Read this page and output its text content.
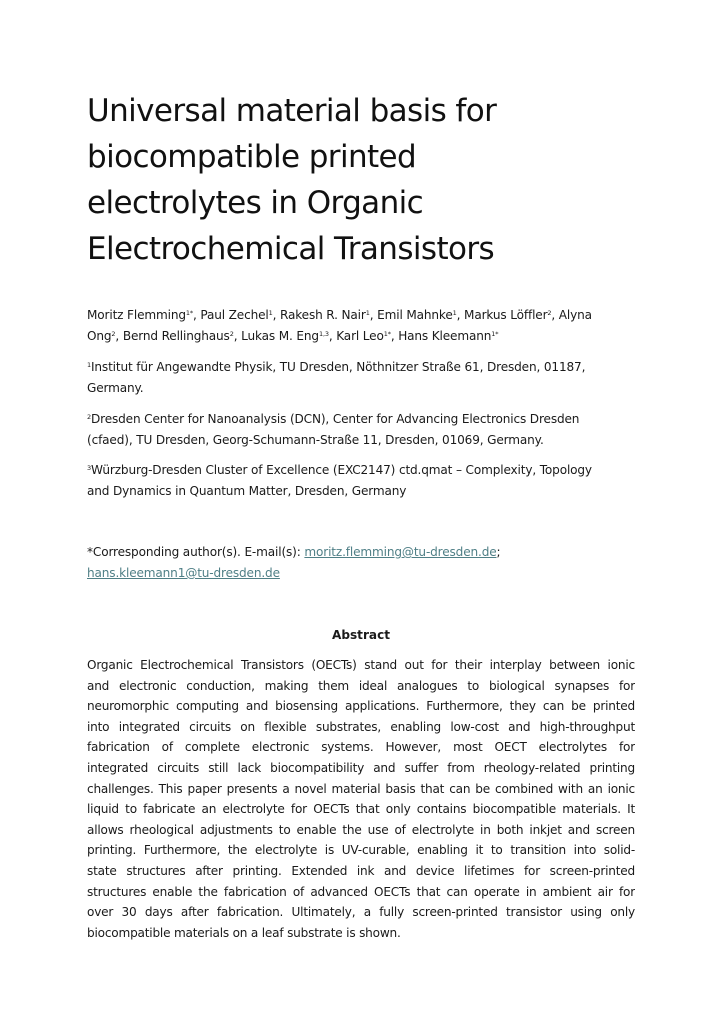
Universal material basis for
biocompatible printed
electrolytes in Organic
Electrochemical Transistors

Moritz Flemming$^{1*}$, Paul Zechel$^1$, Rakesh R. Nair$^1$, Emil Mahnke$^1$, Markus Löffler$^2$, Alyna
Ong$^2$, Bernd Rellinghaus$^2$, Lukas M. Eng$^{1,3}$, Karl Leo$^{1*}$, Hans Kleemann$^{1*}$

$^1$Institut für Angewandte Physik, TU Dresden, Nöthnitzer Straße 61, Dresden, 01187,
Germany.

$^2$Dresden Center for Nanoanalysis (DCN), Center for Advancing Electronics Dresden
(cfaed), TU Dresden, Georg-Schumann-Straße 11, Dresden, 01069, Germany.

$^3$Würzburg-Dresden Cluster of Excellence (EXC2147) ctd.qmat – Complexity, Topology
and Dynamics in Quantum Matter, Dresden, Germany

*Corresponding author(s). E-mail(s): moritz.flemming@tu-dresden.de;
hans.kleemann1@tu-dresden.de
Abstract
Organic Electrochemical Transistors (OECTs) stand out for their interplay between ionic
and electronic conduction, making them ideal analogues to biological synapses for
neuromorphic computing and biosensing applications. Furthermore, they can be printed
into integrated circuits on flexible substrates, enabling low-cost and high-throughput
fabrication of complete electronic systems. However, most OECT electrolytes for
integrated circuits still lack biocompatibility and suffer from rheology-related printing
challenges. This paper presents a novel material basis that can be combined with an ionic
liquid to fabricate an electrolyte for OECTs that only contains biocompatible materials. It
allows rheological adjustments to enable the use of electrolyte in both inkjet and screen
printing. Furthermore, the electrolyte is UV-curable, enabling it to transition into solid-
state structures after printing. Extended ink and device lifetimes for screen-printed
structures enable the fabrication of advanced OECTs that can operate in ambient air for
over 30 days after fabrication. Ultimately, a fully screen-printed transistor using only
biocompatible materials on a leaf substrate is shown.
